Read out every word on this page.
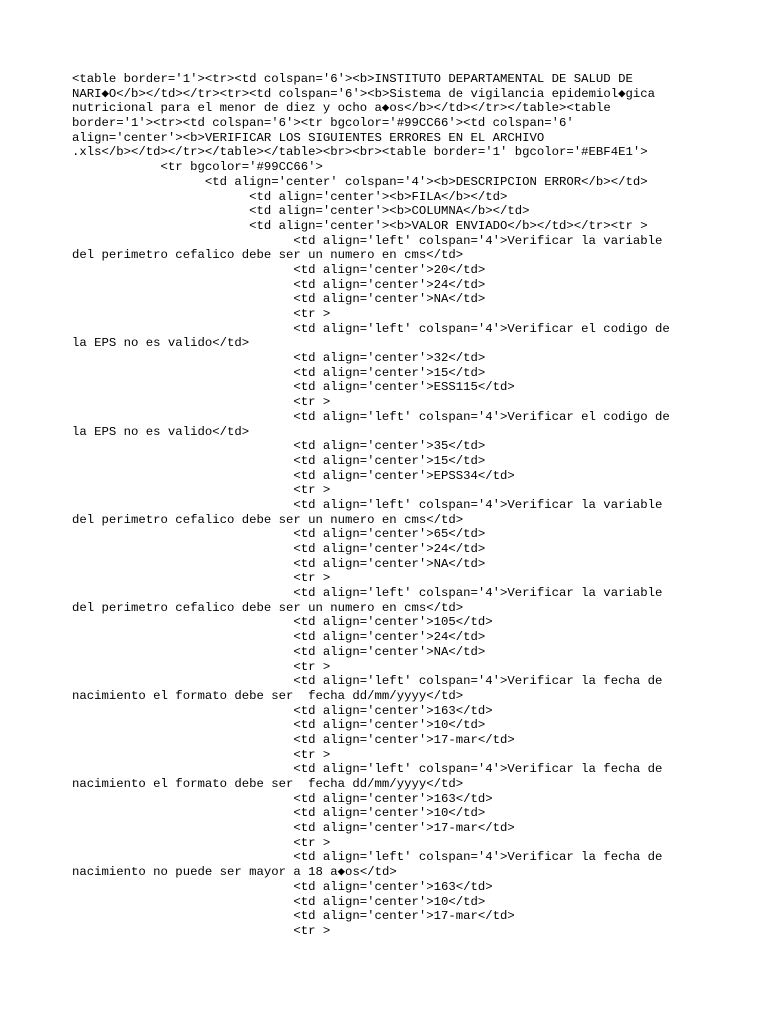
<table border='1'><tr><td colspan='6'><b>INSTITUTO DEPARTAMENTAL DE SALUD DE
NARI◆O</b></td></tr><tr><td colspan='6'><b>Sistema de vigilancia epidemiol◆gica
nutricional para el menor de diez y ocho a◆os</b></td></tr></table><table
border='1'><tr><td colspan='6'><tr bgcolor='#99CC66'><td colspan='6'
align='center'><b>VERIFICAR LOS SIGUIENTES ERRORES EN EL ARCHIVO
.xls</b></td></tr></table></table><br><br><table border='1' bgcolor='#EBF4E1'>
<tr bgcolor='#99CC66'>
<td align='center' colspan='4'><b>DESCRIPCION ERROR</b></td>
<td align='center'><b>FILA</b></td>
<td align='center'><b>COLUMNA</b></td>
<td align='center'><b>VALOR ENVIADO</b></td></tr><tr >
<td align='left' colspan='4'>Verificar la variable
del perimetro cefalico debe ser un numero en cms</td>
<td align='center'>20</td>
<td align='center'>24</td>
<td align='center'>NA</td>
<tr >
<td align='left' colspan='4'>Verificar el codigo de
la EPS no es valido</td>
<td align='center'>32</td>
<td align='center'>15</td>
<td align='center'>ESS115</td>
<tr >
<td align='left' colspan='4'>Verificar el codigo de
la EPS no es valido</td>
<td align='center'>35</td>
<td align='center'>15</td>
<td align='center'>EPSS34</td>
<tr >
<td align='left' colspan='4'>Verificar la variable
del perimetro cefalico debe ser un numero en cms</td>
<td align='center'>65</td>
<td align='center'>24</td>
<td align='center'>NA</td>
<tr >
<td align='left' colspan='4'>Verificar la variable
del perimetro cefalico debe ser un numero en cms</td>
<td align='center'>105</td>
<td align='center'>24</td>
<td align='center'>NA</td>
<tr >
<td align='left' colspan='4'>Verificar la fecha de
nacimiento el formato debe ser  fecha dd/mm/yyyy</td>
<td align='center'>163</td>
<td align='center'>10</td>
<td align='center'>17-mar</td>
<tr >
<td align='left' colspan='4'>Verificar la fecha de
nacimiento el formato debe ser  fecha dd/mm/yyyy</td>
<td align='center'>163</td>
<td align='center'>10</td>
<td align='center'>17-mar</td>
<tr >
<td align='left' colspan='4'>Verificar la fecha de
nacimiento no puede ser mayor a 18 a◆os</td>
<td align='center'>163</td>
<td align='center'>10</td>
<td align='center'>17-mar</td>
<tr >
